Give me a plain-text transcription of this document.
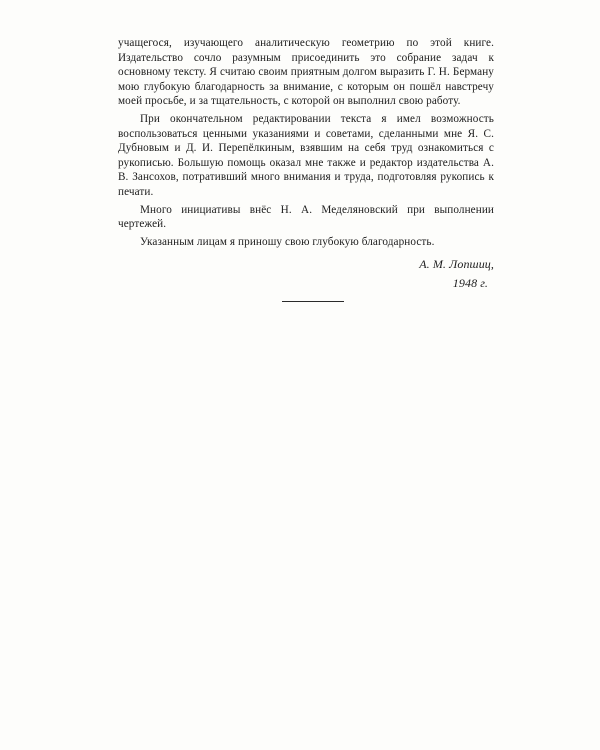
учащегося, изучающего аналитическую геометрию по этой книге. Издательство сочло разумным присоединить это собрание задач к основному тексту. Я считаю своим приятным долгом выразить Г. Н. Берману мою глубокую благодарность за внимание, с которым он пошёл навстречу моей просьбе, и за тщательность, с которой он выполнил свою работу.

При окончательном редактировании текста я имел возможность воспользоваться ценными указаниями и советами, сделанными мне Я. С. Дубновым и Д. И. Перепёлкиным, взявшим на себя труд ознакомиться с рукописью. Большую помощь оказал мне также и редактор издательства А. В. Зансохов, потративший много внимания и труда, подготовляя рукопись к печати.

Много инициативы внёс Н. А. Меделяновский при выполнении чертежей.

Указанным лицам я приношу свою глубокую благодарность.

А. М. Лопшиц,
1948 г.
